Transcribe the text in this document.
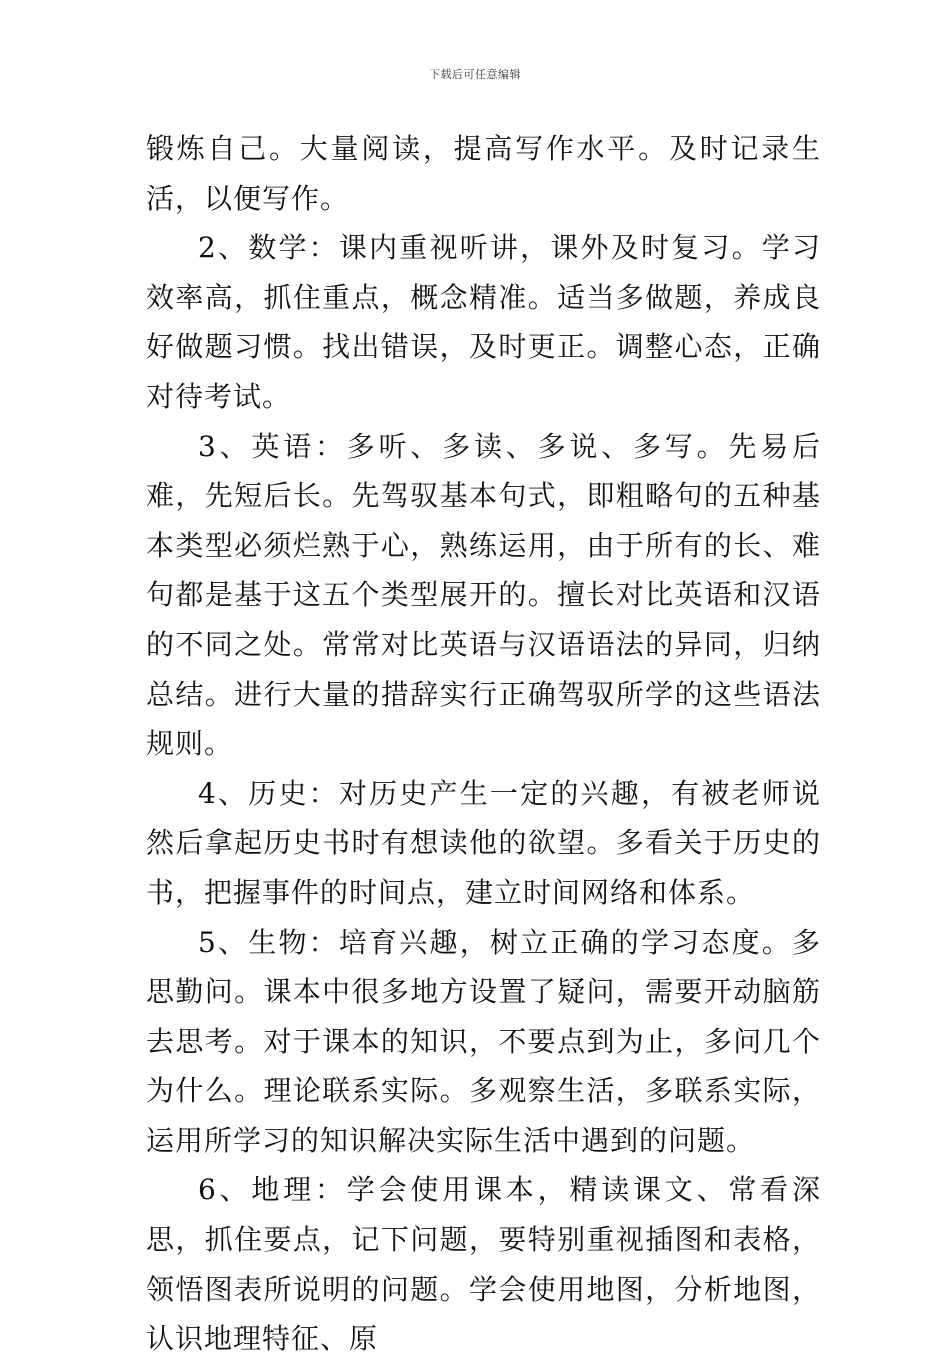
下载后可任意编辑

锻炼自己。大量阅读，提高写作水平。及时记录生活，以便写作。

2、数学：课内重视听讲，课外及时复习。学习效率高，抓住重点，概念精准。适当多做题，养成良好做题习惯。找出错误，及时更正。调整心态，正确对待考试。

3、英语：多听、多读、多说、多写。先易后难，先短后长。先驾驭基本句式，即粗略句的五种基本类型必须烂熟于心，熟练运用，由于所有的长、难句都是基于这五个类型展开的。擅长对比英语和汉语的不同之处。常常对比英语与汉语语法的异同，归纳总结。进行大量的措辞实行正确驾驭所学的这些语法规则。

4、历史：对历史产生一定的兴趣，有被老师说然后拿起历史书时有想读他的欲望。多看关于历史的书，把握事件的时间点，建立时间网络和体系。

5、生物：培育兴趣，树立正确的学习态度。多思勤问。课本中很多地方设置了疑问，需要开动脑筋去思考。对于课本的知识，不要点到为止，多问几个为什么。理论联系实际。多观察生活，多联系实际，运用所学习的知识解决实际生活中遇到的问题。

6、地理：学会使用课本，精读课文、常看深思，抓住要点，记下问题，要特别重视插图和表格，领悟图表所说明的问题。学会使用地图，分析地图，认识地理特征、原
